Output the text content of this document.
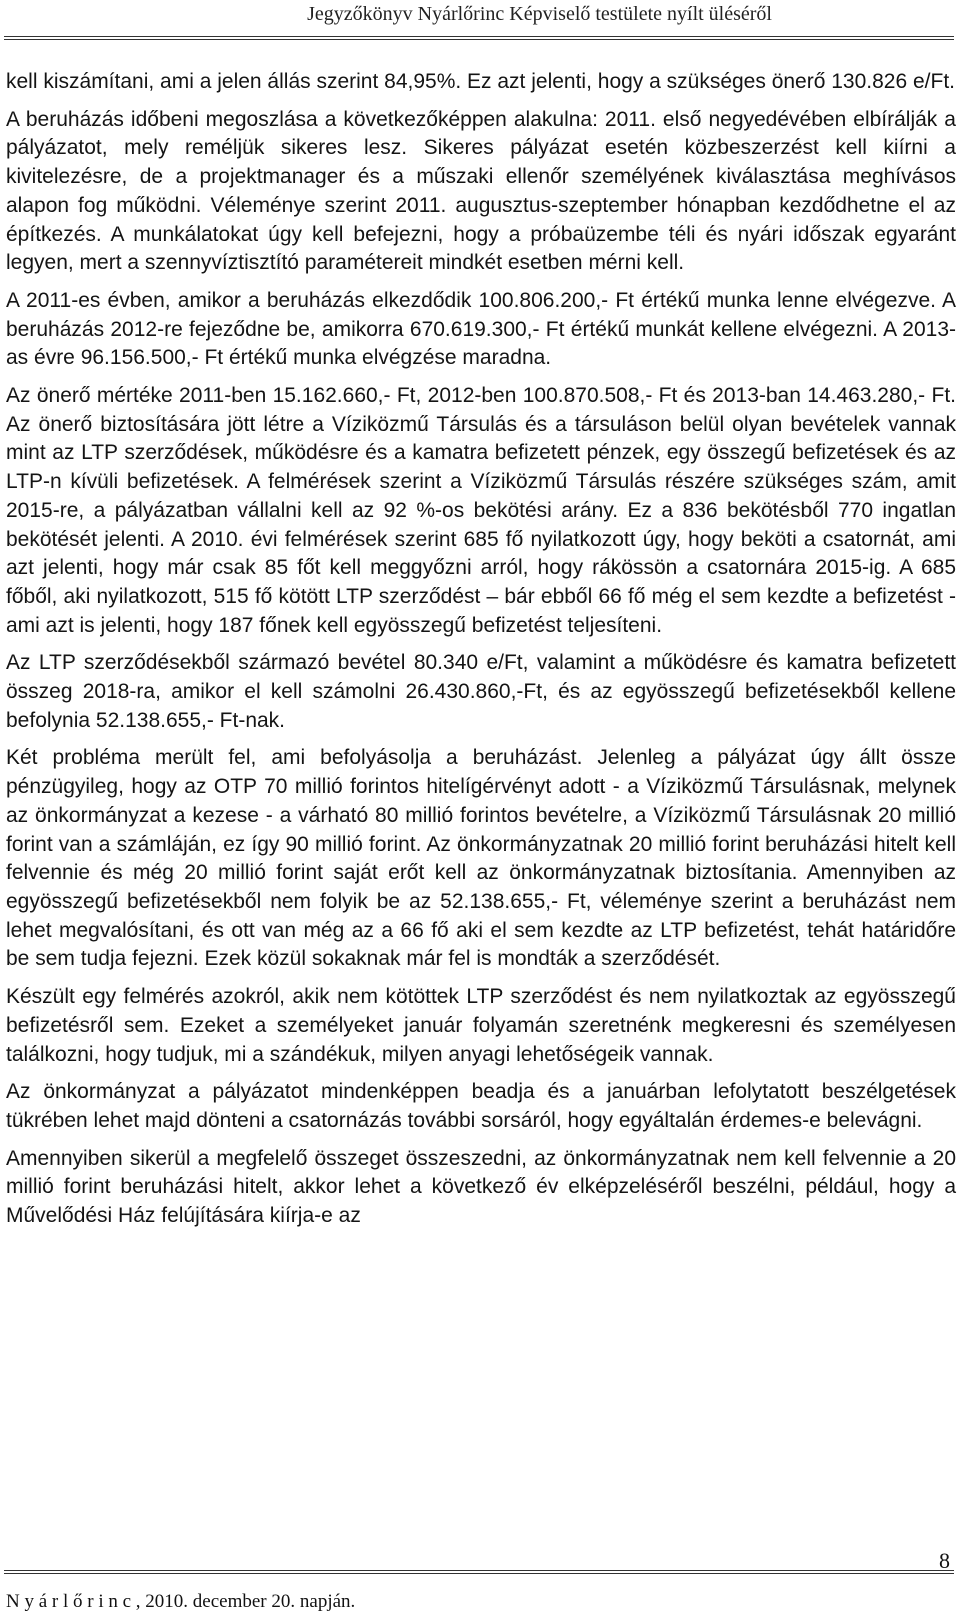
Jegyzőkönyv Nyárlőrinc Képviselő testülete nyílt üléséről

kell kiszámítani, ami a jelen állás szerint 84,95%. Ez azt jelenti, hogy a szükséges önerő 130.826 e/Ft.

A beruházás időbeni megoszlása a következőképpen alakulna: 2011. első negyedévében elbírálják a pályázatot, mely reméljük sikeres lesz. Sikeres pályázat esetén közbeszerzést kell kiírni a kivitelezésre, de a projektmanager és a műszaki ellenőr személyének kiválasztása meghívásos alapon fog működni. Véleménye szerint 2011. augusztus-szeptember hónapban kezdődhetne el az építkezés. A munkálatokat úgy kell befejezni, hogy a próbaüzembe téli és nyári időszak egyaránt legyen, mert a szennyvíztisztító paramétereit mindkét esetben mérni kell.

A 2011-es évben, amikor a beruházás elkezdődik 100.806.200,- Ft értékű munka lenne elvégezve. A beruházás 2012-re fejeződne be, amikorra 670.619.300,- Ft értékű munkát kellene elvégezni. A 2013-as évre 96.156.500,- Ft értékű munka elvégzése maradna.

Az önerő mértéke 2011-ben 15.162.660,- Ft, 2012-ben 100.870.508,- Ft és 2013-ban 14.463.280,- Ft. Az önerő biztosítására jött létre a Víziközmű Társulás és a társuláson belül olyan bevételek vannak mint az LTP szerződések, működésre és a kamatra befizetett pénzek, egy összegű befizetések és az LTP-n kívüli befizetések. A felmérések szerint a Víziközmű Társulás részére szükséges szám, amit 2015-re, a pályázatban vállalni kell az 92 %-os bekötési arány. Ez a 836 bekötésből 770 ingatlan bekötését jelenti. A 2010. évi felmérések szerint 685 fő nyilatkozott úgy, hogy beköti a csatornát, ami azt jelenti, hogy már csak 85 főt kell meggyőzni arról, hogy rákössön a csatornára 2015-ig. A 685 főből, aki nyilatkozott, 515 fő kötött LTP szerződést – bár ebből 66 fő még el sem kezdte a befizetést - ami azt is jelenti, hogy 187 főnek kell egyösszegű befizetést teljesíteni.

Az LTP szerződésekből származó bevétel 80.340 e/Ft, valamint a működésre és kamatra befizetett összeg 2018-ra, amikor el kell számolni 26.430.860,-Ft, és az egyösszegű befizetésekből kellene befolynia 52.138.655,- Ft-nak.

Két probléma merült fel, ami befolyásolja a beruházást. Jelenleg a pályázat úgy állt össze pénzügyileg, hogy az OTP 70 millió forintos hitelígérvényt adott - a Víziközmű Társulásnak, melynek az önkormányzat a kezese - a várható 80 millió forintos bevételre, a Víziközmű Társulásnak 20 millió forint van a számláján, ez így 90 millió forint. Az önkormányzatnak 20 millió forint beruházási hitelt kell felvennie és még 20 millió forint saját erőt kell az önkormányzatnak biztosítania. Amennyiben az egyösszegű befizetésekből nem folyik be az 52.138.655,- Ft, véleménye szerint a beruházást nem lehet megvalósítani, és ott van még az a 66 fő aki el sem kezdte az LTP befizetést, tehát határidőre be sem tudja fejezni. Ezek közül sokaknak már fel is mondták a szerződését.

Készült egy felmérés azokról, akik nem kötöttek LTP szerződést és nem nyilatkoztak az egyösszegű befizetésről sem. Ezeket a személyeket január folyamán szeretnénk megkeresni és személyesen találkozni, hogy tudjuk, mi a szándékuk, milyen anyagi lehetőségeik vannak.

Az önkormányzat a pályázatot mindenképpen beadja és a januárban lefolytatott beszélgetések tükrében lehet majd dönteni a csatornázás további sorsáról, hogy egyáltalán érdemes-e belevágni.

Amennyiben sikerül a megfelelő összeget összeszedni, az önkormányzatnak nem kell felvennie a 20 millió forint beruházási hitelt, akkor lehet a következő év elképzeléséről beszélni, például, hogy a Művelődési Ház felújítására kiírja-e az

8
N y á r l ő r i n c , 2010. december 20. napján.
